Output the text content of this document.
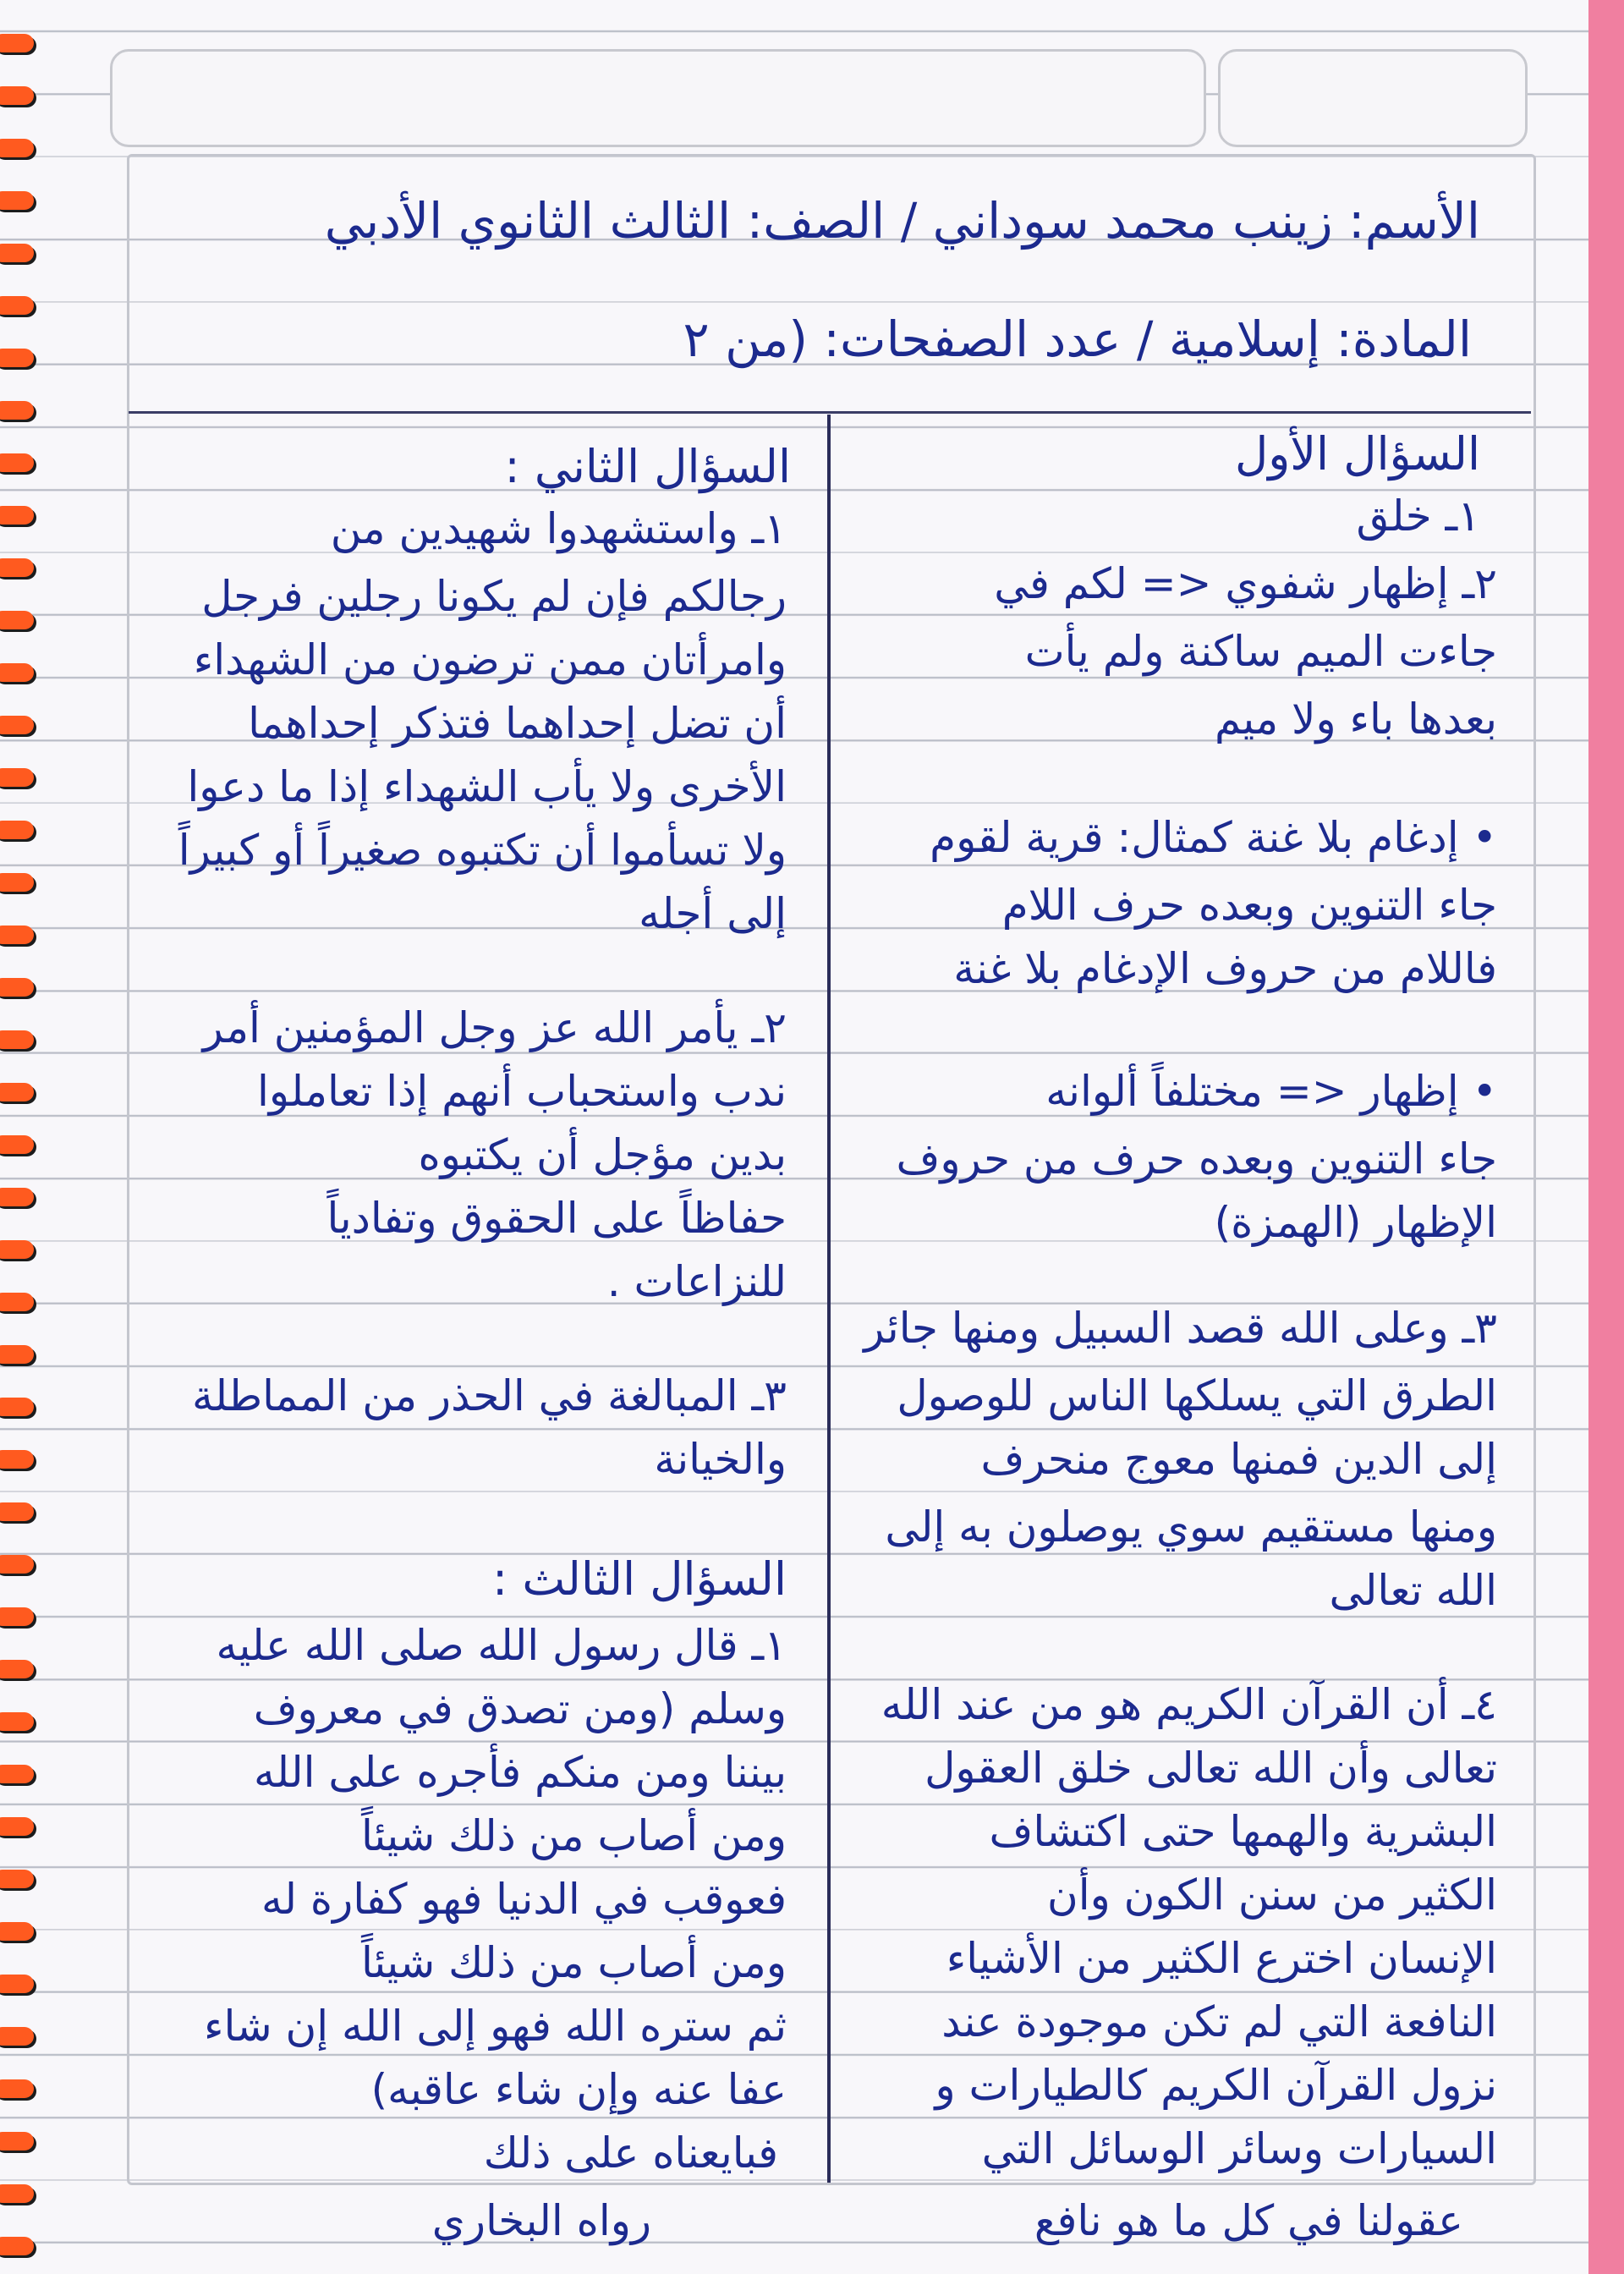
الأسم: زينب محمد سوداني / الصف: الثالث الثانوي الأدبي
المادة: إسلامية / عدد الصفحات: (من ٢
السؤال الأول
١ـ خلق
٢ـ إظهار شفوي <= لكم في
جاءت الميم ساكنة ولم يأت
بعدها باء ولا ميم
• إدغام بلا غنة كمثال: قرية لقوم
جاء التنوين وبعده حرف اللام
فاللام من حروف الإدغام بلا غنة
• إظهار <= مختلفاً ألوانه
جاء التنوين وبعده حرف من حروف
الإظهار (الهمزة)
٣ـ وعلى الله قصد السبيل ومنها جائر
الطرق التي يسلكها الناس للوصول
إلى الدين فمنها معوج منحرف
ومنها مستقيم سوي يوصلون به إلى
الله تعالى
٤ـ أن القرآن الكريم هو من عند الله
تعالى وأن الله تعالى خلق العقول
البشرية والهمها حتى اكتشاف
الكثير من سنن الكون وأن
الإنسان اخترع الكثير من الأشياء
النافعة التي لم تكن موجودة عند
نزول القرآن الكريم كالطيارات و
السيارات وسائر الوسائل التي
عقولنا في كل ما هو نافع
السؤال الثاني :
١ـ واستشهدوا شهيدين من
رجالكم فإن لم يكونا رجلين فرجل
وامرأتان ممن ترضون من الشهداء
أن تضل إحداهما فتذكر إحداهما
الأخرى ولا يأب الشهداء إذا ما دعوا
ولا تسأموا أن تكتبوه صغيراً أو كبيراً
إلى أجله
٢ـ يأمر الله عز وجل المؤمنين أمر
ندب واستحباب أنهم إذا تعاملوا
بدين مؤجل أن يكتبوه
حفاظاً على الحقوق وتفادياً
للنزاعات .
٣ـ المبالغة في الحذر من المماطلة
والخيانة
السؤال الثالث :
١ـ قال رسول الله صلى الله عليه
وسلم (ومن تصدق في معروف
بيننا ومن منكم فأجره على الله
ومن أصاب من ذلك شيئاً
فعوقب في الدنيا فهو كفارة له
ومن أصاب من ذلك شيئاً
ثم ستره الله فهو إلى الله إن شاء
عفا عنه وإن شاء عاقبه)
فبايعناه على ذلك
رواه البخاري
